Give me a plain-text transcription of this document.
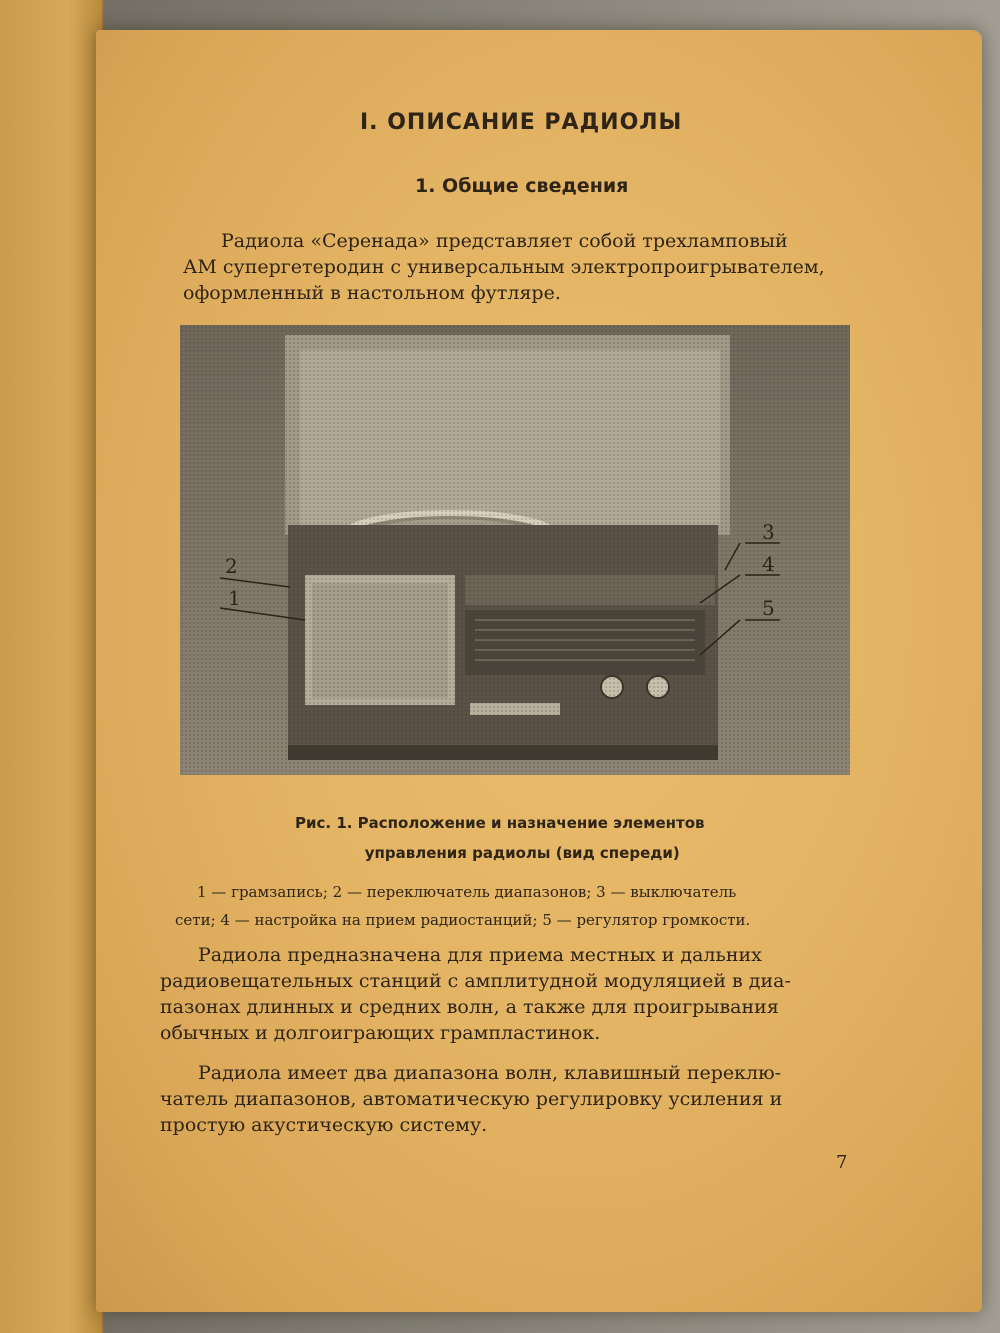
I. ОПИСАНИЕ РАДИОЛЫ
1. Общие сведения

Радиола «Серенада» представляет собой трехламповый

АМ супергетеродин с универсальным электропроигрывателем,

оформленный в настольном футляре.

2
1
3
4
5

Рис. 1. Расположение и назначение элементов

управления радиолы (вид спереди)

1 — грамзапись; 2 — переключатель диапазонов; 3 — выключатель

сети; 4 — настройка на прием радиостанций; 5 — регулятор громкости.

Радиола предназначена для приема местных и дальних

радиовещательных станций с амплитудной модуляцией в диа-

пазонах длинных и средних волн, а также для проигрывания

обычных и долгоиграющих грампластинок.

Радиола имеет два диапазона волн, клавишный переклю-

чатель диапазонов, автоматическую регулировку усиления и

простую акустическую систему.

7
